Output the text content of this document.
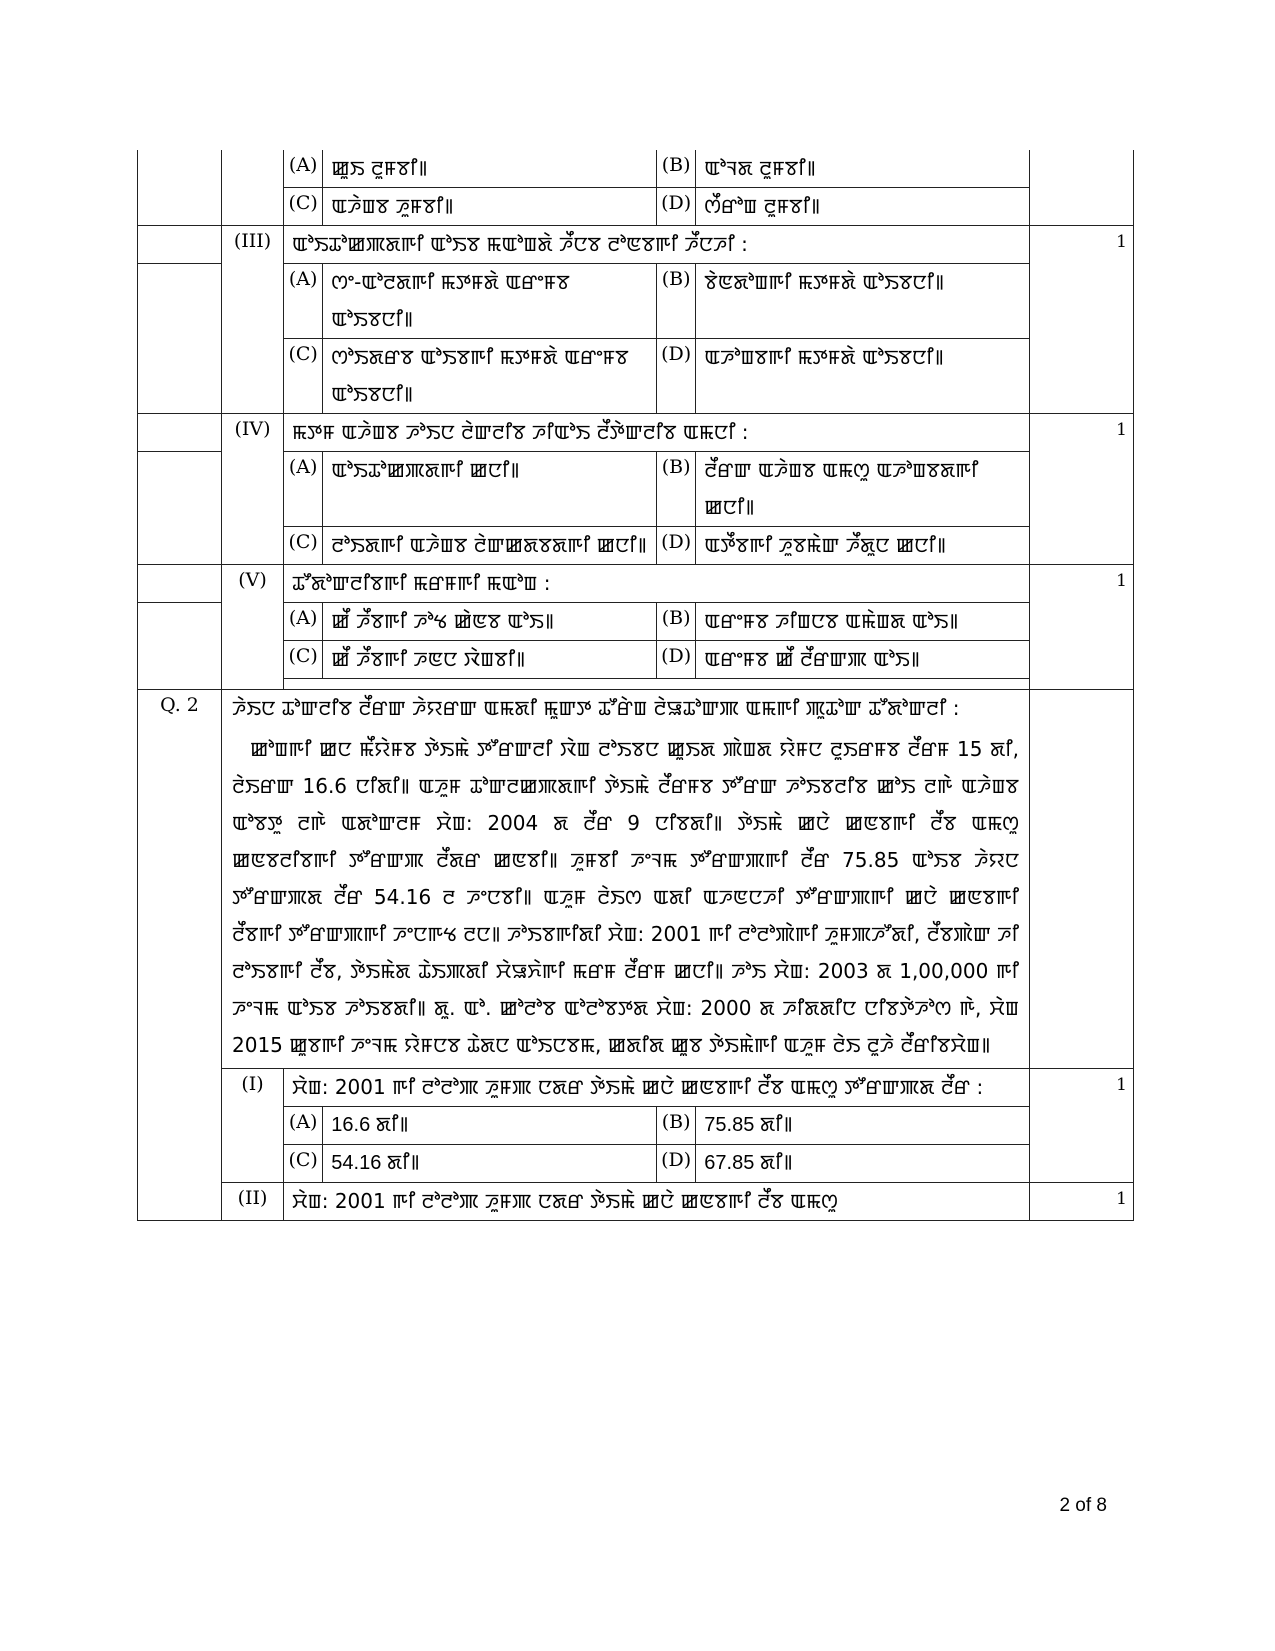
(A)	ꯀꯨꯏ ꯂꯨꯝꯕꯤ꯫	(B)	ꯑꯣꯜꯗ ꯂꯨꯝꯕꯤ꯫
(C)	ꯑꯍꯥꯡꯕ ꯍꯨꯝꯕꯤ꯫	(D)	ꯁꯩꯔꯣꯡ ꯂꯨꯝꯕꯤ꯫

	(III)	ꯑꯣꯏꯊꯣꯀꯄꯗꯒꯤ ꯑꯣꯏꯕ ꯃꯑꯣꯡꯗꯥ ꯍꯩꯅꯕ ꯂꯣꯟꯕꯒꯤ ꯍꯩꯅꯍꯤ :	1

(A)	ꯁꯦ-ꯑꯣꯂꯗꯒꯤ ꯃꯇꯝꯗꯥ ꯑꯔꯦꯝꯕ ꯑꯣꯏꯕꯅꯤ꯫	(B)	ꯕꯥꯟꯗꯣꯡꯒꯤ ꯃꯇꯝꯗꯥ ꯑꯣꯏꯕꯅꯤ꯫
(C)	ꯁꯣꯏꯗꯔꯕ ꯑꯣꯏꯕꯒꯤ ꯃꯇꯝꯗꯥ ꯑꯔꯦꯝꯕ ꯑꯣꯏꯕꯅꯤ꯫	(D)	ꯑꯍꯣꯡꯕꯒꯤ ꯃꯇꯝꯗꯥ ꯑꯣꯏꯕꯅꯤ꯫

	(IV)	ꯃꯇꯝ ꯑꯍꯥꯡꯕ ꯍꯣꯏꯅ ꯂꯥꯛꯂꯤꯕ ꯍꯤꯑꯣꯏ ꯂꯩꯇꯥꯛꯂꯤꯕ ꯑꯃꯅꯤ :	1

(A)	ꯑꯣꯏꯊꯣꯀꯄꯗꯒꯤ ꯀꯅꯤ꯫	(B)	ꯂꯩꯔꯛ ꯑꯍꯥꯡꯕ ꯑꯃꯁꯨ ꯑꯍꯣꯡꯕꯗꯒꯤ ꯀꯅꯤ꯫
(C)	ꯂꯣꯏꯗꯒꯤ ꯑꯍꯥꯡꯕ ꯂꯥꯛꯀꯗꯕꯗꯒꯤ ꯀꯅꯤ꯫	(D)	ꯑꯇꯩꯕꯒꯤ ꯍꯨꯕꯃꯥꯛ ꯍꯩꯗꯨꯅ ꯀꯅꯤ꯫

	(V)	ꯊꯧꯗꯣꯛꯂꯤꯕꯒꯤ ꯃꯔꯝꯒꯤ ꯃꯑꯣꯡ :	1

(A)	ꯀꯩ ꯍꯩꯕꯒꯤ ꯍꯣꯠ ꯀꯥꯟꯕ ꯑꯣꯏ꯫	(B)	ꯑꯔꯦꯝꯕ ꯍꯤꯡꯅꯕ ꯑꯃꯥꯡꯗ ꯑꯣꯏ꯫
(C)	ꯀꯩ ꯍꯩꯕꯒꯤ ꯍꯟꯅ ꯋꯥꯡꯕꯤ꯫	(D)	ꯑꯔꯦꯝꯕ ꯀꯩ ꯂꯩꯔꯛꯄ ꯑꯣꯏ꯫

Q. 2	ꯍꯥꯏꯅ ꯊꯣꯛꯂꯤꯕ ꯂꯩꯔꯛ ꯍꯥꯌꯔꯛ ꯑꯃꯗꯤ ꯃꯨꯛꯇ ꯊꯧꯔꯥꯡ ꯂꯥꯎꯊꯣꯛꯄ ꯑꯃꯒꯤ ꯄꯨꯊꯣꯛ ꯊꯧꯗꯣꯛꯂꯤ :
ꯀꯣꯡꯒꯤ ꯀꯅ ꯃꯩꯌꯥꯝꯕ ꯇꯥꯏꯃꯥ ꯇꯧꯔꯛꯂꯤ ꯋꯥꯡ ꯂꯣꯏꯕꯅ ꯀꯨꯏꯗ ꯄꯥꯡꯗ ꯌꯥꯝꯅ ꯂꯨꯏꯔꯝꯕ ꯂꯩꯔꯝ 15 ꯗꯤ, ꯂꯥꯏꯔꯛ 16.6 ꯅꯤꯗꯤ꯫ ꯑꯍꯨꯝ ꯊꯣꯛꯂꯀꯄꯗꯒꯤ ꯇꯥꯏꯃꯥ ꯂꯩꯔꯝꯕ ꯇꯧꯔꯛ ꯍꯣꯏꯕꯂꯤꯕ ꯀꯣꯏ ꯂꯒꯥ ꯑꯍꯥꯡꯕ ꯑꯣꯕꯇꯨ ꯂꯒꯥ ꯑꯗꯣꯛꯂꯝ ꯆꯥꯡ: 2004 ꯗ ꯂꯩꯔ 9 ꯅꯤꯕꯗꯤ꯫ ꯇꯥꯏꯃꯥ ꯀꯅꯥ ꯀꯟꯕꯒꯤ ꯂꯩꯕ ꯑꯃꯁꯨ ꯀꯟꯕꯂꯤꯕꯒꯤ ꯇꯧꯔꯛꯄ ꯂꯩꯗꯔ ꯀꯟꯕꯤ꯫ ꯍꯨꯝꯕꯤ ꯍꯦꯜꯃ ꯇꯧꯔꯛꯄꯒꯤ ꯂꯩꯔ 75.85 ꯑꯣꯏꯕ ꯍꯥꯌꯅ ꯇꯧꯔꯛꯄꯗ ꯂꯩꯔ 54.16 ꯂ ꯍꯦꯅꯕꯤ꯫ ꯑꯍꯨꯝ ꯂꯥꯏꯁ ꯑꯗꯤ ꯑꯍꯟꯅꯍꯤ ꯇꯧꯔꯛꯄꯒꯤ ꯀꯅꯥ ꯀꯟꯕꯒꯤ ꯂꯩꯕꯒꯤ ꯇꯧꯔꯛꯄꯒꯤ ꯍꯦꯅꯒꯠ ꯂꯅ꯫ ꯍꯣꯏꯕꯒꯤꯗꯤ ꯆꯥꯡ: 2001 ꯒꯤ ꯂꯣꯂꯣꯄꯥꯒꯤ ꯍꯨꯝꯄꯍꯧꯗꯤ, ꯂꯩꯕꯄꯥꯛ ꯍꯤ ꯂꯣꯏꯕꯒꯤ ꯂꯩꯕ, ꯇꯥꯏꯃꯥꯗ ꯊꯥꯏꯄꯗꯤ ꯆꯥꯎꯈꯥꯒꯤ ꯃꯔꯝ ꯂꯩꯔꯝ ꯀꯅꯤ꯫ ꯍꯣꯏ ꯆꯥꯡ: 2003 ꯗ 1,00,000 ꯒꯤ ꯍꯦꯜꯃ ꯑꯣꯏꯕ ꯍꯣꯏꯕꯗꯤ꯫ ꯗꯨ. ꯑꯣ. ꯀꯣꯂꯣꯕ ꯑꯣꯂꯣꯕꯇꯗ ꯆꯥꯡ: 2000 ꯗ ꯍꯤꯗꯗꯤꯅ ꯅꯤꯕꯇꯥꯍꯣꯁ ꯒꯥ, ꯆꯥꯡ 2015 ꯀꯨꯕꯒꯤ ꯍꯦꯜꯃ ꯌꯥꯝꯅꯕ ꯊꯥꯗꯅ ꯑꯣꯏꯅꯕꯃ, ꯀꯗꯤꯗ ꯀꯨꯕ ꯇꯥꯏꯃꯥꯒꯤ ꯑꯍꯨꯝ ꯂꯥꯏ ꯂꯨꯍꯥ ꯂꯩꯔꯤꯕꯆꯥꯡ꯫

(I)	ꯆꯥꯡ: 2001 ꯒꯤ ꯂꯣꯂꯣꯄ ꯍꯨꯝꯄ ꯅꯗꯔ ꯇꯥꯏꯃꯥ ꯀꯅꯥ ꯀꯟꯕꯒꯤ ꯂꯩꯕ ꯑꯃꯁꯨ ꯇꯧꯔꯛꯄꯗ ꯂꯩꯔ :	1

(A)	16.6 ꯗꯤ꯫	(B)	75.85 ꯗꯤ꯫
(C)	54.16 ꯗꯤ꯫	(D)	67.85 ꯗꯤ꯫

(II)	ꯆꯥꯡ: 2001 ꯒꯤ ꯂꯣꯂꯣꯄ ꯍꯨꯝꯄ ꯅꯗꯔ ꯇꯥꯏꯃꯥ ꯀꯅꯥ ꯀꯟꯕꯒꯤ ꯂꯩꯕ ꯑꯃꯁꯨ	1
2 of 8
